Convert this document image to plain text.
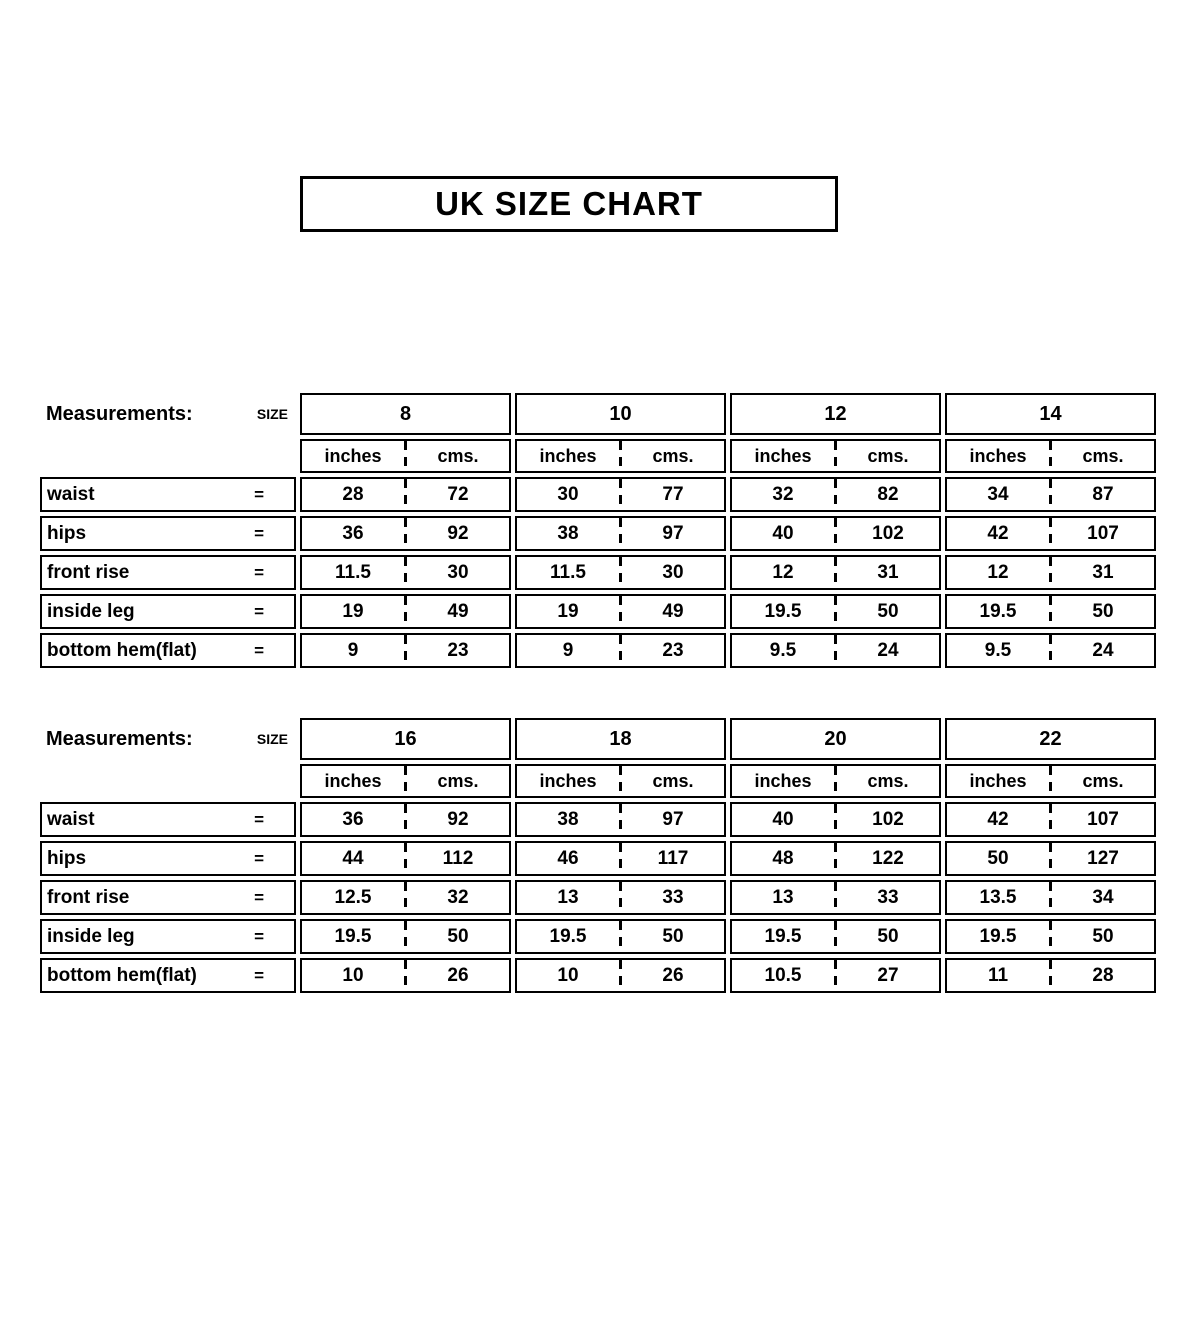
UK SIZE CHART
Measurements:	SIZE	8	10	12	14
inches	cms.	inches	cms.	inches	cms.	inches	cms.
waist	=	28	72	30	77	32	82	34	87
hips	=	36	92	38	97	40	102	42	107
front rise	=	11.5	30	11.5	30	12	31	12	31
inside leg	=	19	49	19	49	19.5	50	19.5	50
bottom hem(flat)	=	9	23	9	23	9.5	24	9.5	24
Measurements:	SIZE	16	18	20	22
inches	cms.	inches	cms.	inches	cms.	inches	cms.
waist	=	36	92	38	97	40	102	42	107
hips	=	44	112	46	117	48	122	50	127
front rise	=	12.5	32	13	33	13	33	13.5	34
inside leg	=	19.5	50	19.5	50	19.5	50	19.5	50
bottom hem(flat)	=	10	26	10	26	10.5	27	11	28
